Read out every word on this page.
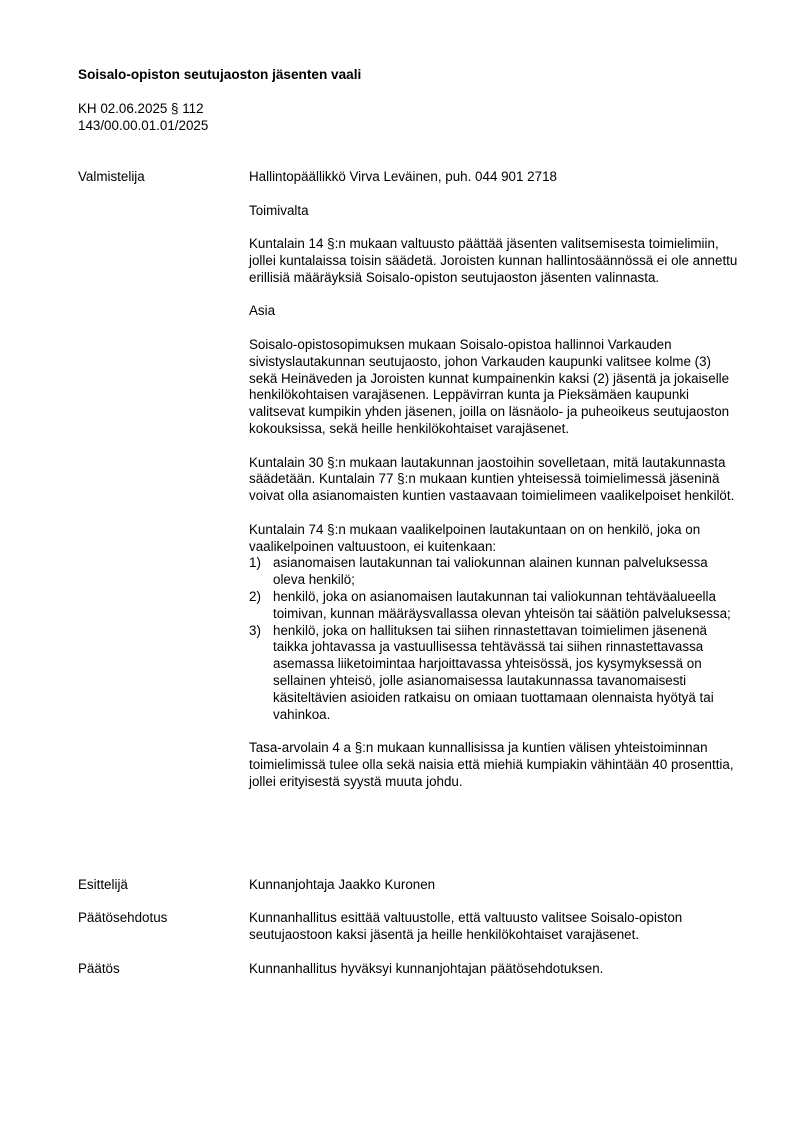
Soisalo-opiston seutujaoston jäsenten vaali
KH 02.06.2025 § 112
143/00.00.01.01/2025
Valmistelija	Hallintopäällikkö Virva Leväinen, puh. 044 901 2718

Toimivalta

Kuntalain 14 §:n mukaan valtuusto päättää jäsenten valitsemisesta toimielimiin, jollei kuntalaissa toisin säädetä. Joroisten kunnan hallintosäännössä ei ole annettu erillisiä määräyksiä Soisalo-opiston seutujaoston jäsenten valinnasta.

Asia

Soisalo-opistosopimuksen mukaan Soisalo-opistoa hallinnoi Varkauden sivistyslautakunnan seutujaosto, johon Varkauden kaupunki valitsee kolme (3) sekä Heinäveden ja Joroisten kunnat kumpainenkin kaksi (2) jäsentä ja jokaiselle henkilökohtaisen varajäsenen. Leppävirran kunta ja Pieksämäen kaupunki valitsevat kumpikin yhden jäsenen, joilla on läsnäolo- ja puheoikeus seutujaoston kokouksissa, sekä heille henkilökohtaiset varajäsenet.

Kuntalain 30 §:n mukaan lautakunnan jaostoihin sovelletaan, mitä lautakunnasta säädetään. Kuntalain 77 §:n mukaan kuntien yhteisessä toimielimessä jäseninä voivat olla asianomaisten kuntien vastaavaan toimielimeen vaalikelpoiset henkilöt.

Kuntalain 74 §:n mukaan vaalikelpoinen lautakuntaan on on henkilö, joka on vaalikelpoinen valtuustoon, ei kuitenkaan:

1) asianomaisen lautakunnan tai valiokunnan alainen kunnan palveluksessa oleva henkilö;
2) henkilö, joka on asianomaisen lautakunnan tai valiokunnan tehtäväalueella toimivan, kunnan määräysvallassa olevan yhteisön tai säätiön palveluksessa;
3) henkilö, joka on hallituksen tai siihen rinnastettavan toimielimen jäsenenä taikka johtavassa ja vastuullisessa tehtävässä tai siihen rinnastettavassa asemassa liiketoimintaa harjoittavassa yhteisössä, jos kysymyksessä on sellainen yhteisö, jolle asianomaisessa lautakunnassa tavanomaisesti käsiteltävien asioiden ratkaisu on omiaan tuottamaan olennaista hyötyä tai vahinkoa.

Tasa-arvolain 4 a §:n mukaan kunnallisissa ja kuntien välisen yhteistoiminnan toimielimissä tulee olla sekä naisia että miehiä kumpiakin vähintään 40 prosenttia, jollei erityisestä syystä muuta johdu.

Esittelijä	Kunnanjohtaja Jaakko Kuronen

Päätösehdotus	Kunnanhallitus esittää valtuustolle, että valtuusto valitsee Soisalo-opiston seutujaostoon kaksi jäsentä ja heille henkilökohtaiset varajäsenet.

Päätös	Kunnanhallitus hyväksyi kunnanjohtajan päätösehdotuksen.
